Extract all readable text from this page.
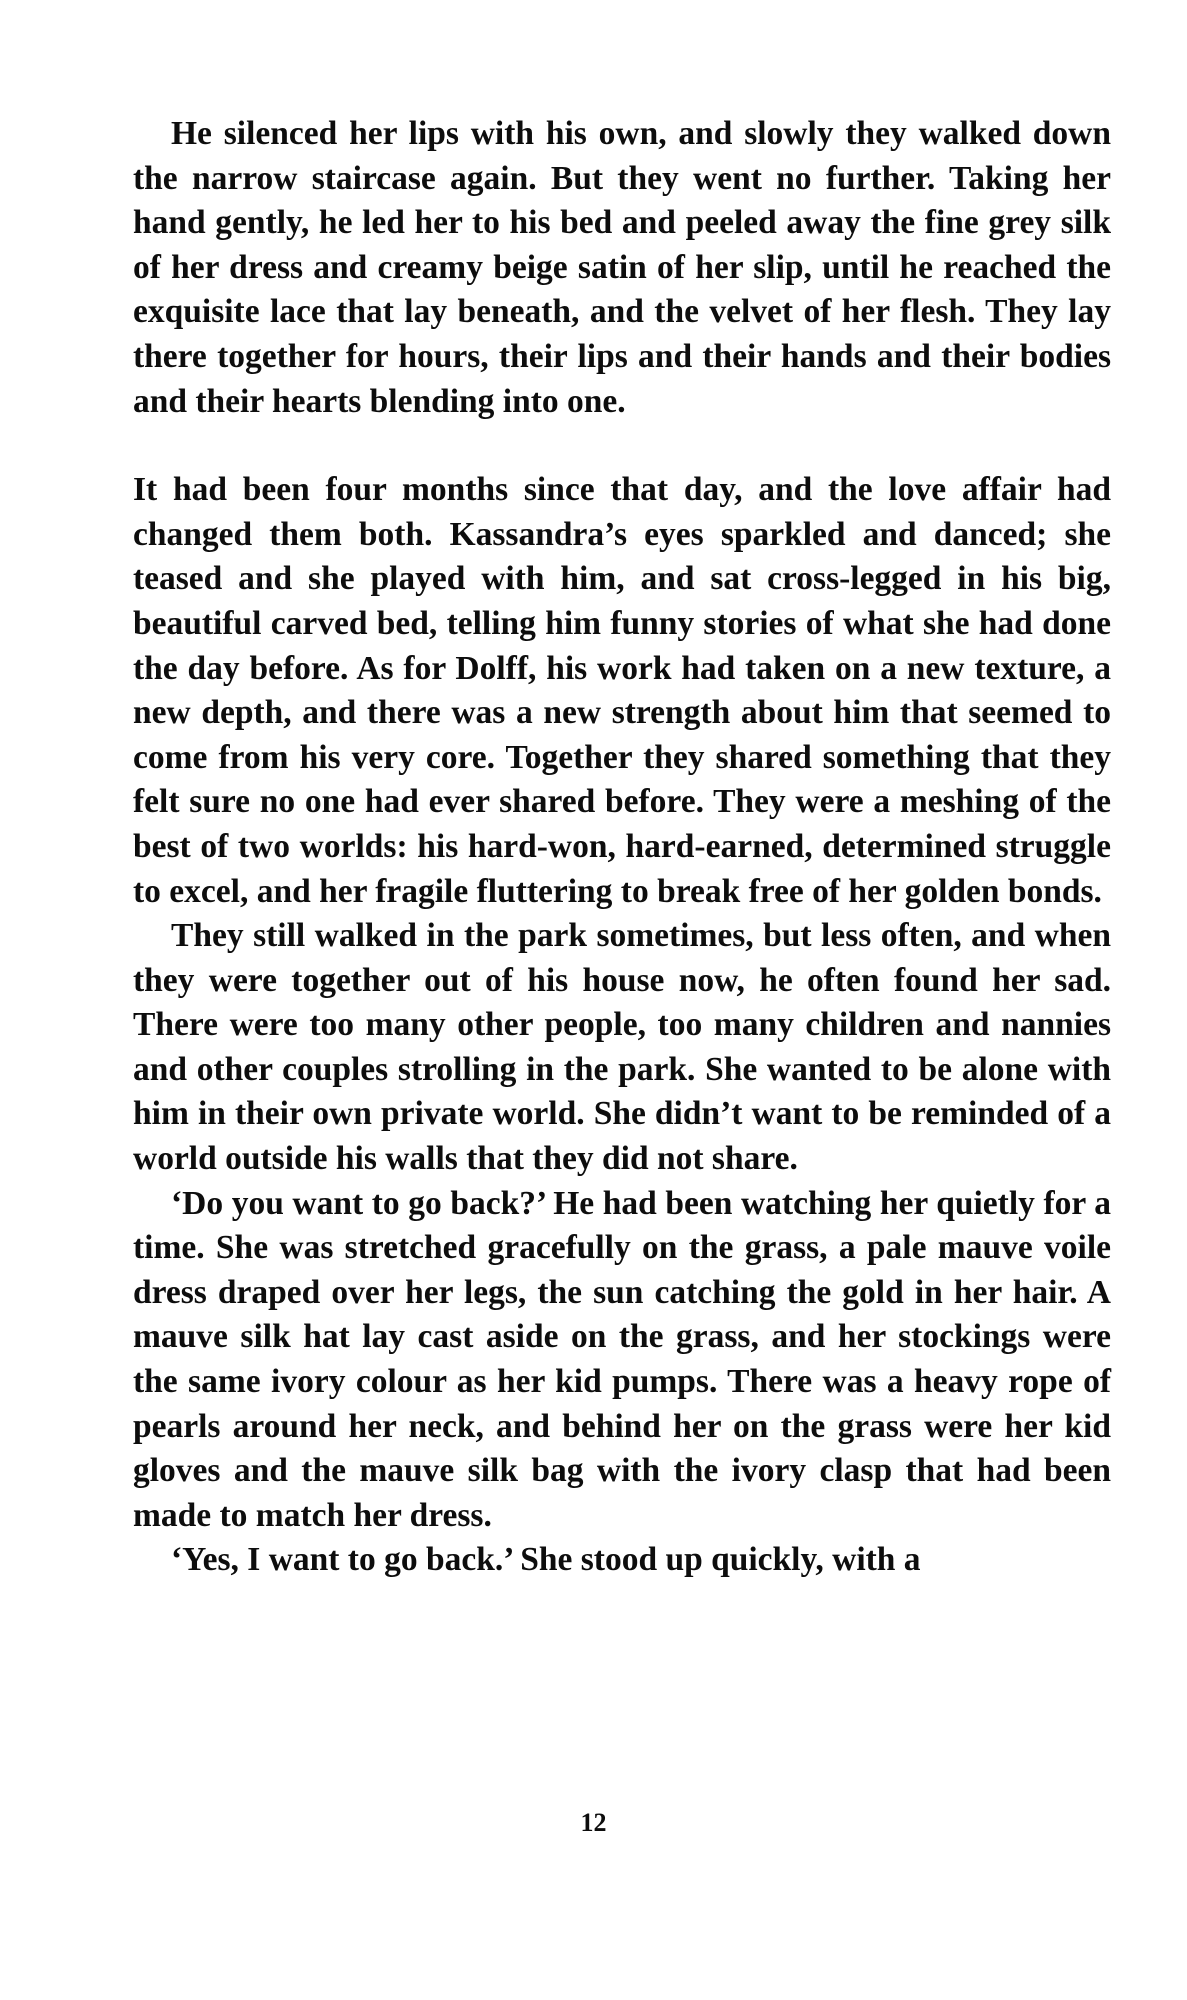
He silenced her lips with his own, and slowly they walked down the narrow staircase again. But they went no further. Taking her hand gently, he led her to his bed and peeled away the fine grey silk of her dress and creamy beige satin of her slip, until he reached the exquisite lace that lay beneath, and the velvet of her flesh. They lay there together for hours, their lips and their hands and their bodies and their hearts blending into one.

It had been four months since that day, and the love affair had changed them both. Kassandra’s eyes sparkled and danced; she teased and she played with him, and sat cross-legged in his big, beautiful carved bed, telling him funny stories of what she had done the day before. As for Dolff, his work had taken on a new texture, a new depth, and there was a new strength about him that seemed to come from his very core. Together they shared something that they felt sure no one had ever shared before. They were a meshing of the best of two worlds: his hard-won, hard-earned, determined struggle to excel, and her fragile fluttering to break free of her golden bonds.

They still walked in the park sometimes, but less often, and when they were together out of his house now, he often found her sad. There were too many other people, too many children and nannies and other couples strolling in the park. She wanted to be alone with him in their own private world. She didn’t want to be reminded of a world outside his walls that they did not share.

‘Do you want to go back?’ He had been watching her quietly for a time. She was stretched gracefully on the grass, a pale mauve voile dress draped over her legs, the sun catching the gold in her hair. A mauve silk hat lay cast aside on the grass, and her stockings were the same ivory colour as her kid pumps. There was a heavy rope of pearls around her neck, and behind her on the grass were her kid gloves and the mauve silk bag with the ivory clasp that had been made to match her dress.

‘Yes, I want to go back.’ She stood up quickly, with a

12
